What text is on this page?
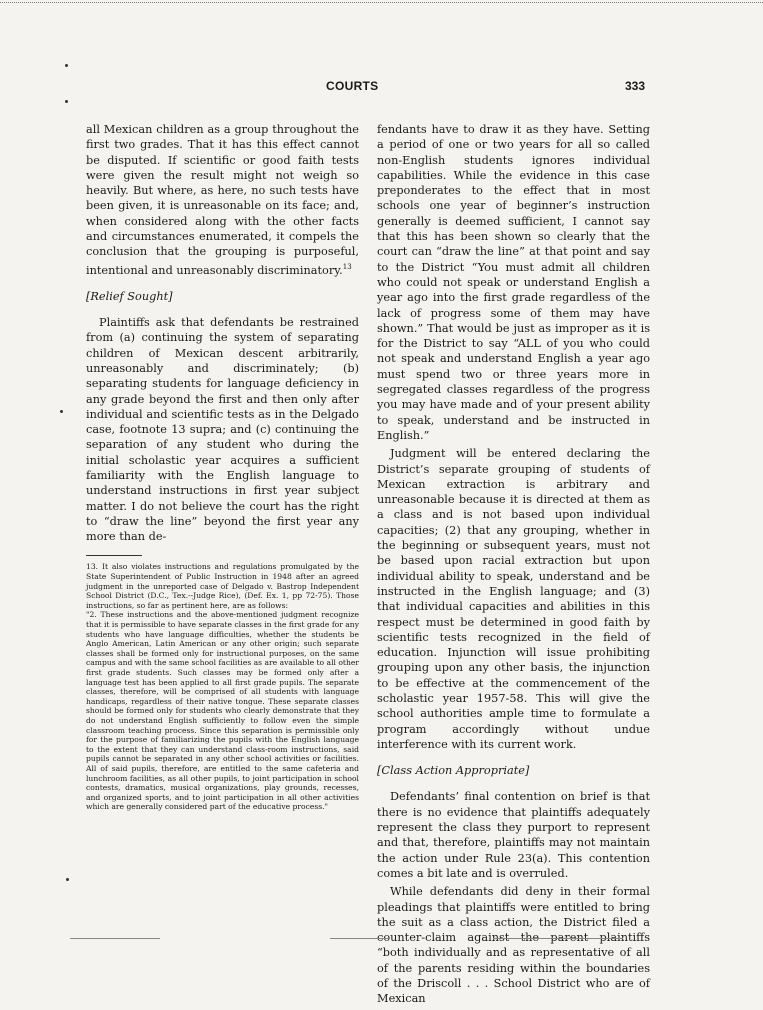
COURTS	333

all Mexican children as a group throughout the first two grades. That it has this effect cannot be disputed. If scientific or good faith tests were given the result might not weigh so heavily. But where, as here, no such tests have been given, it is unreasonable on its face; and, when considered along with the other facts and circumstances enumerated, it compels the conclusion that the grouping is purposeful, intentional and unreasonably discriminatory.$^{13}$

[Relief Sought]

Plaintiffs ask that defendants be restrained from (a) continuing the system of separating children of Mexican descent arbitrarily, unreasonably and discriminately; (b) separating students for language deficiency in any grade beyond the first and then only after individual and scientific tests as in the Delgado case, footnote 13 supra; and (c) continuing the separation of any student who during the initial scholastic year acquires a sufficient familiarity with the English language to understand instructions in first year subject matter. I do not believe the court has the right to “draw the line” beyond the first year any more than de-

13. It also violates instructions and regulations promulgated by the State Superintendent of Public Instruction in 1948 after an agreed judgment in the unreported case of Delgado v. Bastrop Independent School District (D.C., Tex.--Judge Rice), (Def. Ex. 1, pp 72-75). Those instructions, so far as pertinent here, are as follows:
"2. These instructions and the above-mentioned judgment recognize that it is permissible to have separate classes in the first grade for any students who have language difficulties, whether the students be Anglo American, Latin American or any other origin; such separate classes shall be formed only for instructional purposes, on the same campus and with the same school facilities as are available to all other first grade students. Such classes may be formed only after a language test has been applied to all first grade pupils. The separate classes, therefore, will be comprised of all students with language handicaps, regardless of their native tongue. These separate classes should be formed only for students who clearly demonstrate that they do not understand English sufficiently to follow even the simple classroom teaching process. Since this separation is permissible only for the purpose of familiarizing the pupils with the English language to the extent that they can understand class-room instructions, said pupils cannot be separated in any other school activities or facilities. All of said pupils, therefore, are entitled to the same cafeteria and lunchroom facilities, as all other pupils, to joint participation in school contests, dramatics, musical organizations, play grounds, recesses, and organized sports, and to joint participation in all other activities which are generally considered part of the educative process."

fendants have to draw it as they have. Setting a period of one or two years for all so called non-English students ignores individual capabilities. While the evidence in this case preponderates to the effect that in most schools one year of beginner’s instruction generally is deemed sufficient, I cannot say that this has been shown so clearly that the court can “draw the line” at that point and say to the District “You must admit all children who could not speak or understand English a year ago into the first grade regardless of the lack of progress some of them may have shown.” That would be just as improper as it is for the District to say “ALL of you who could not speak and understand English a year ago must spend two or three years more in segregated classes regardless of the progress you may have made and of your present ability to speak, understand and be instructed in English.”

Judgment will be entered declaring the District’s separate grouping of students of Mexican extraction is arbitrary and unreasonable because it is directed at them as a class and is not based upon individual capacities; (2) that any grouping, whether in the beginning or subsequent years, must not be based upon racial extraction but upon individual ability to speak, understand and be instructed in the English language; and (3) that individual capacities and abilities in this respect must be determined in good faith by scientific tests recognized in the field of education. Injunction will issue prohibiting grouping upon any other basis, the injunction to be effective at the commencement of the scholastic year 1957-58. This will give the school authorities ample time to formulate a program accordingly without undue interference with its current work.

[Class Action Appropriate]

Defendants’ final contention on brief is that there is no evidence that plaintiffs adequately represent the class they purport to represent and that, therefore, plaintiffs may not maintain the action under Rule 23(a). This contention comes a bit late and is overruled.

While defendants did deny in their formal pleadings that plaintiffs were entitled to bring the suit as a class action, the District filed a counter-claim against the parent plaintiffs “both individually and as representative of all of the parents residing within the boundaries of the Driscoll . . . School District who are of Mexican
